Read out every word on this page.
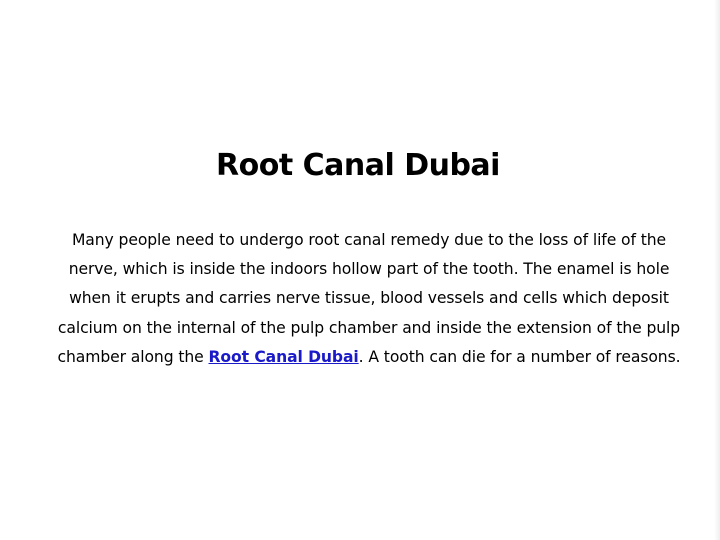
Root Canal Dubai

Many people need to undergo root canal remedy due to the loss of life of the nerve, which is inside the indoors hollow part of the tooth. The enamel is hole when it erupts and carries nerve tissue, blood vessels and cells which deposit calcium on the internal of the pulp chamber and inside the extension of the pulp chamber along the Root Canal Dubai. A tooth can die for a number of reasons.
